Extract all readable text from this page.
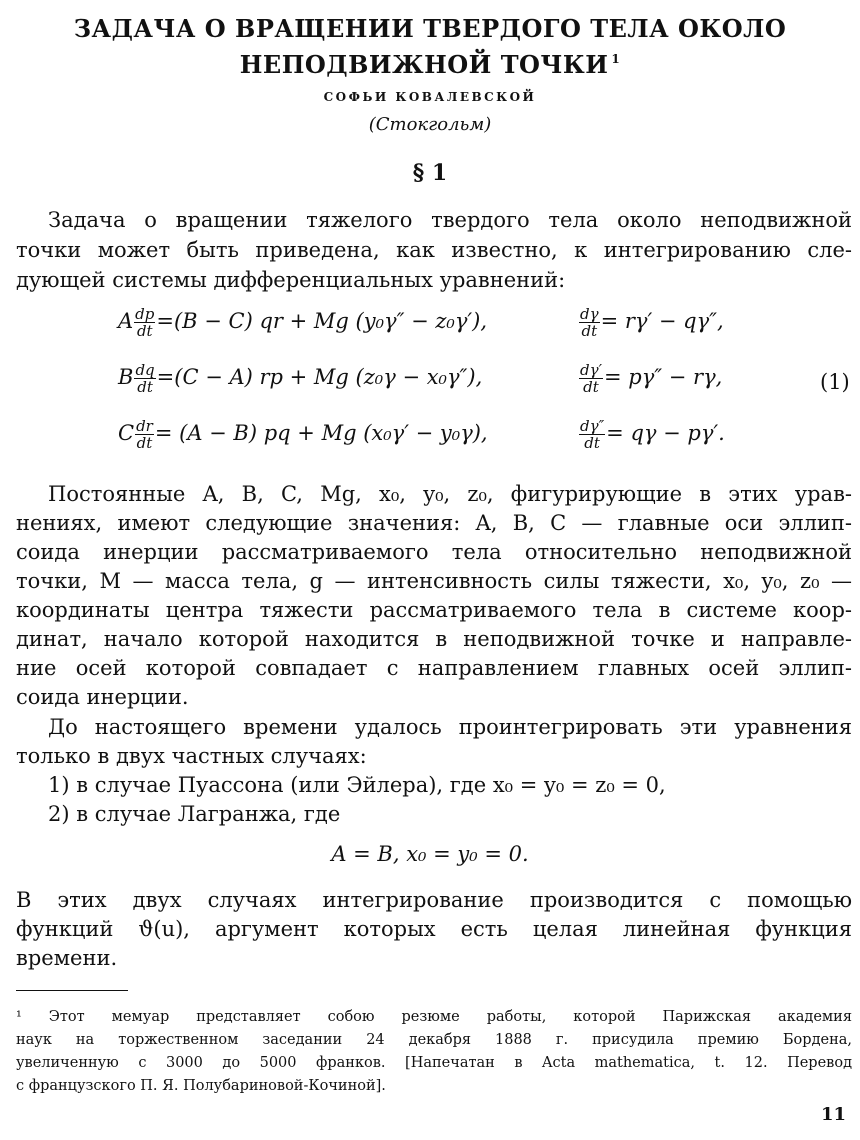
ЗАДАЧА О ВРАЩЕНИИ ТВЕРДОГО ТЕЛА ОКОЛО
НЕПОДВИЖНОЙ ТОЧКИ $^1$
СОФЬИ КОВАЛЕВСКОЙ
(Стокгольм)
§ 1
Задача о вращении тяжелого твердого тела около неподвижной
точки может быть приведена, как известно, к интегрированию сле-
дующей системы дифференциальных уравнений:
A $\frac{dp}{dt} =(B - C)$ qr + Mg (y₀γ″ − z₀γ′),	$\frac{d\gamma}{dt} = r\gamma' - q\gamma''$,
B $\frac{dq}{dt} =(C - A)$ rp + Mg (z₀γ − x₀γ″),	$\frac{d\gamma'}{dt} = p\gamma'' - r\gamma$,	(1)
C $\frac{dr}{dt} = (A - B)$ pq + Mg (x₀γ′ − y₀γ),	$\frac{d\gamma''}{dt} = q\gamma - p\gamma'$.
Постоянные A, B, C, Mg, x₀, y₀, z₀, фигурирующие в этих урав-
нениях, имеют следующие значения: A, B, C — главные оси эллип-
соида инерции рассматриваемого тела относительно неподвижной
точки, M — масса тела, g — интенсивность силы тяжести, x₀, y₀, z₀ —
координаты центра тяжести рассматриваемого тела в системе коор-
динат, начало которой находится в неподвижной точке и направле-
ние осей которой совпадает с направлением главных осей эллип-
соида инерции.
До настоящего времени удалось проинтегрировать эти уравнения
только в двух частных случаях:
1) в случае Пуассона (или Эйлера), где x₀ = y₀ = z₀ = 0,
2) в случае Лагранжа, где
A = B, x₀ = y₀ = 0.
В этих двух случаях интегрирование производится с помощью
функций ϑ(u), аргумент которых есть целая линейная функция
времени.
¹ Этот мемуар представляет собою резюме работы, которой Парижская академия
наук на торжественном заседании 24 декабря 1888 г. присудила премию Бордена,
увеличенную с 3000 до 5000 франков. [Напечатан в Acta mathematica, t. 12. Перевод
с французского П. Я. Полубариновой-Кочиной].
11
